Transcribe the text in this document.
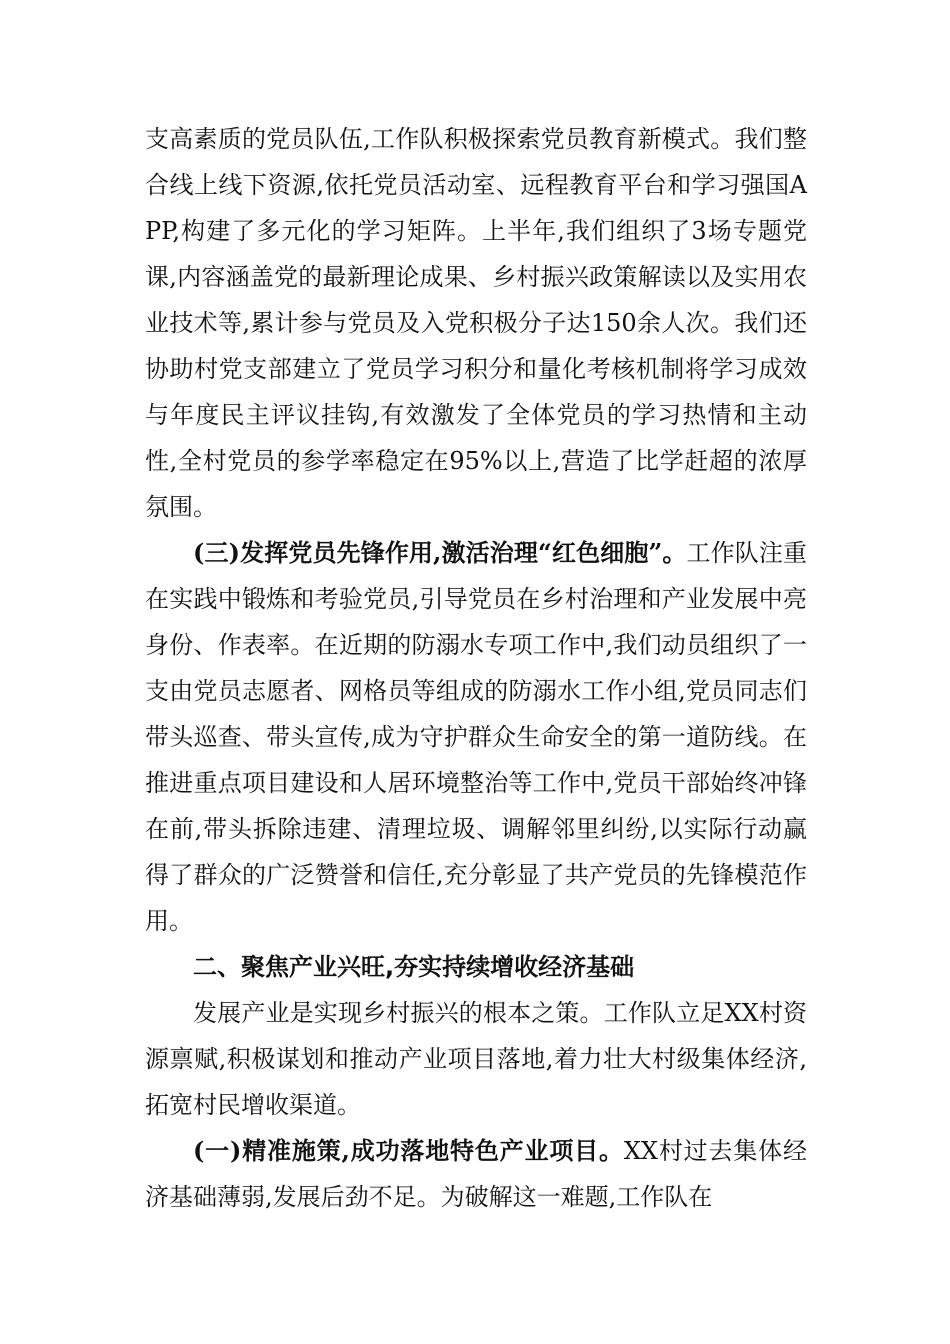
支高素质的党员队伍,工作队积极探索党员教育新模式。我们整合线上线下资源,依托党员活动室、远程教育平台和学习强国APP,构建了多元化的学习矩阵。上半年,我们组织了3场专题党课,内容涵盖党的最新理论成果、乡村振兴政策解读以及实用农业技术等,累计参与党员及入党积极分子达150余人次。我们还协助村党支部建立了党员学习积分和量化考核机制将学习成效与年度民主评议挂钩,有效激发了全体党员的学习热情和主动性,全村党员的参学率稳定在95%以上,营造了比学赶超的浓厚氛围。

(三)发挥党员先锋作用,激活治理“红色细胞”。工作队注重在实践中锻炼和考验党员,引导党员在乡村治理和产业发展中亮身份、作表率。在近期的防溺水专项工作中,我们动员组织了一支由党员志愿者、网格员等组成的防溺水工作小组,党员同志们带头巡查、带头宣传,成为守护群众生命安全的第一道防线。在推进重点项目建设和人居环境整治等工作中,党员干部始终冲锋在前,带头拆除违建、清理垃圾、调解邻里纠纷,以实际行动赢得了群众的广泛赞誉和信任,充分彰显了共产党员的先锋模范作用。

二、聚焦产业兴旺,夯实持续增收经济基础

发展产业是实现乡村振兴的根本之策。工作队立足XX村资源禀赋,积极谋划和推动产业项目落地,着力壮大村级集体经济,拓宽村民增收渠道。

(一)精准施策,成功落地特色产业项目。XX村过去集体经济基础薄弱,发展后劲不足。为破解这一难题,工作队在
